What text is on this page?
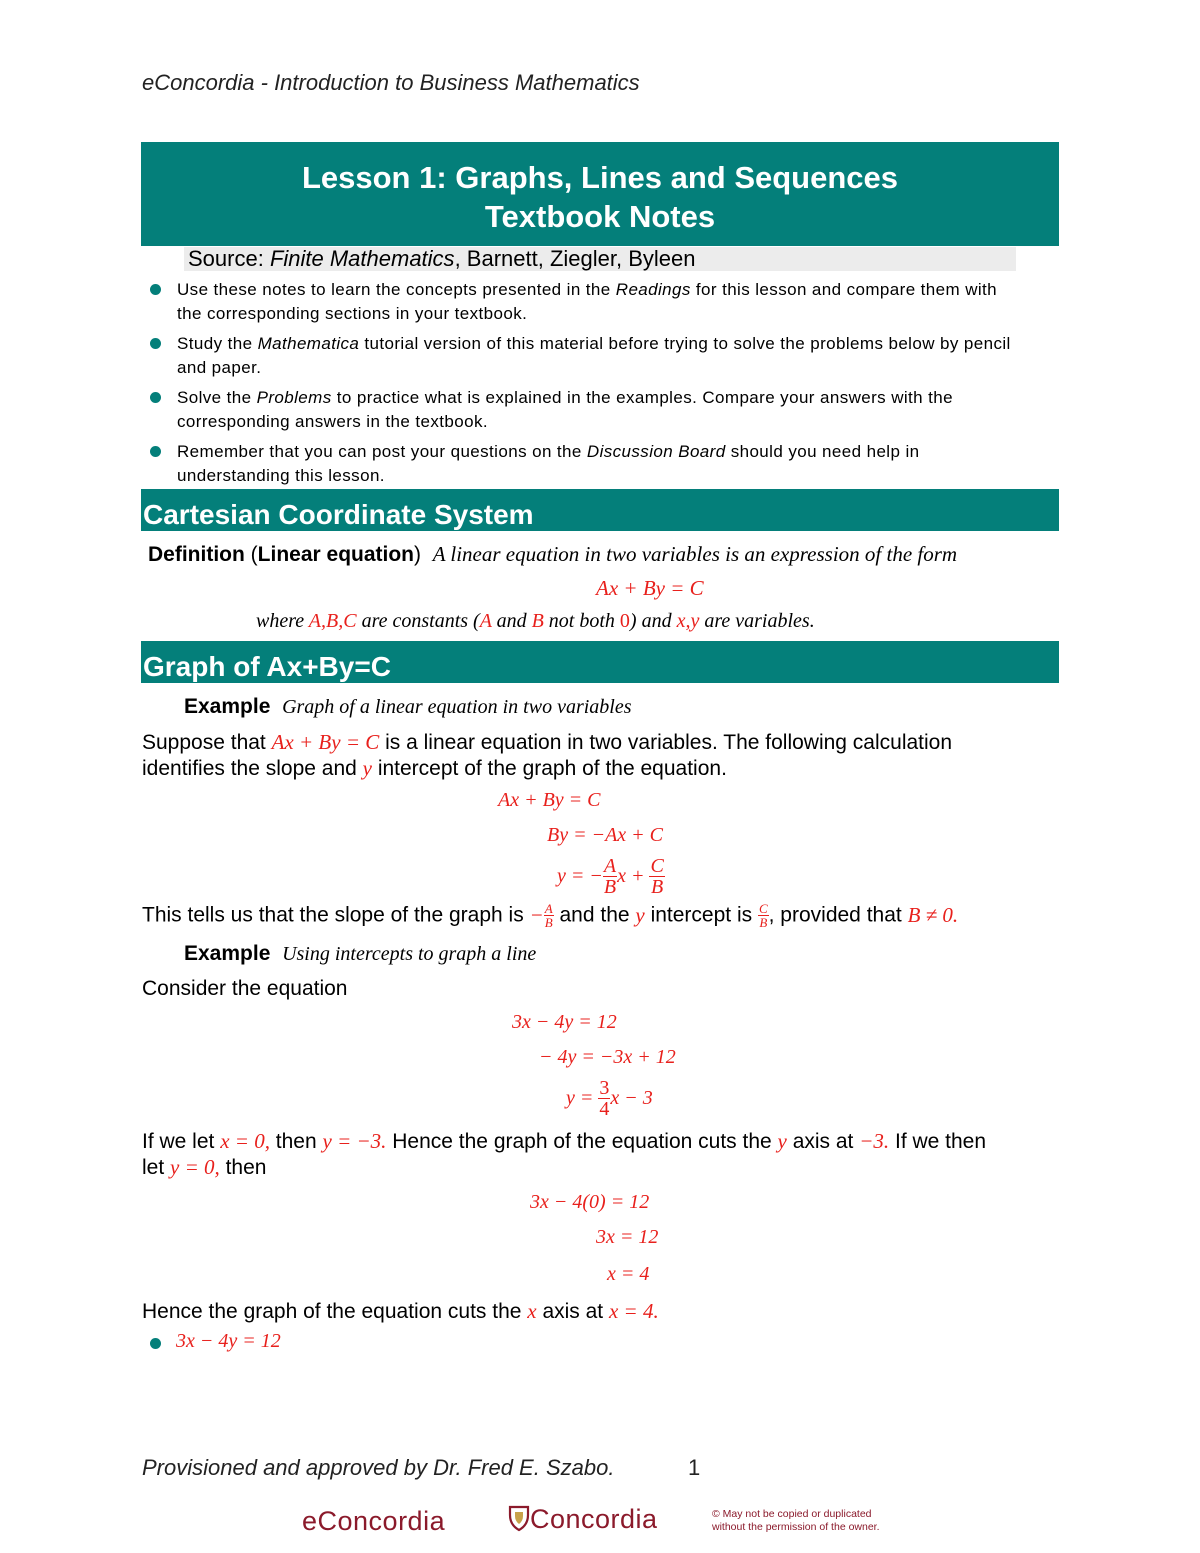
eConcordia - Introduction to Business Mathematics
Lesson 1: Graphs, Lines and Sequences
Textbook Notes
Source: Finite Mathematics, Barnett, Ziegler, Byleen
Use these notes to learn the concepts presented in the Readings for this lesson and compare them with the corresponding sections in your textbook.
Study the Mathematica tutorial version of this material before trying to solve the problems below by pencil and paper.
Solve the Problems to practice what is explained in the examples. Compare your answers with the corresponding answers in the textbook.
Remember that you can post your questions on the Discussion Board should you need help in understanding this lesson.
Cartesian Coordinate System
Definition (Linear equation)  A linear equation in two variables is an expression of the form
Ax + By = C
where A,B,C are constants (A and B not both 0) and x,y are variables.
Graph of Ax+By=C
Example Graph of a linear equation in two variables
Suppose that Ax + By = C is a linear equation in two variables. The following calculation
identifies the slope and y intercept of the graph of the equation.
Ax + By = C
By = −Ax + C
y = − $\frac{A}{B}$ $x + \frac{C}{B}$
This tells us that the slope of the graph is − $\frac{A}{B}$ and the y intercept is $\frac{C}{B}$ , provided that B ≠ 0.
Example Using intercepts to graph a line
Consider the equation
3x − 4y = 12
− 4y = −3x + 12
$y = \frac{3}{4}$ x − 3
If we let x = 0, then y = −3. Hence the graph of the equation cuts the y axis at −3. If we then
let y = 0, then
3x − 4(0) = 12
3x = 12
x = 4
Hence the graph of the equation cuts the x axis at x = 4.
3x − 4y = 12
Provisioned and approved by Dr. Fred E. Szabo.	1
eConcordia	Concordia	© May not be copied or duplicated
without the permission of the owner.
